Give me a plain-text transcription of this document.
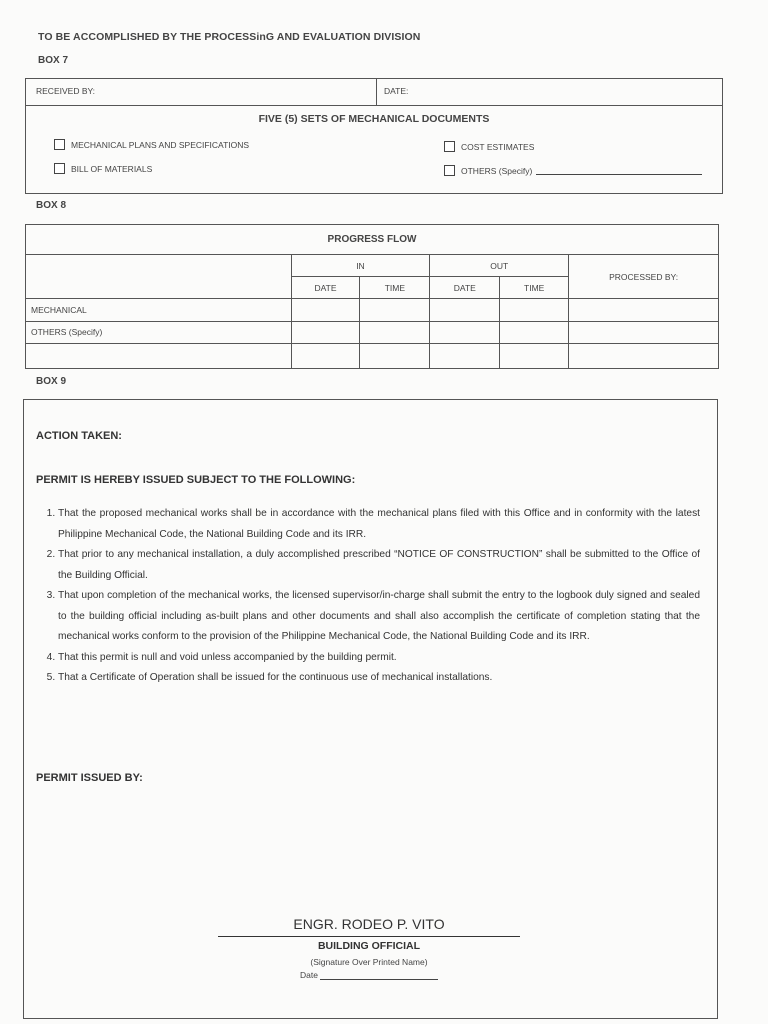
TO BE ACCOMPLISHED BY THE PROCESSinG AND EVALUATION DIVISION
BOX 7
RECEIVED BY:	DATE:
FIVE (5) SETS OF MECHANICAL DOCUMENTS
MECHANICAL PLANS AND SPECIFICATIONS
BILL OF MATERIALS
COST ESTIMATES
OTHERS (Specify)
BOX 8
PROGRESS FLOW					
	IN		OUT		PROCESSED BY:
	DATE	TIME	DATE	TIME	
MECHANICAL					
OTHERS (Specify)					

BOX 9
ACTION TAKEN:
PERMIT IS HEREBY ISSUED SUBJECT TO THE FOLLOWING:
1. That the proposed mechanical works shall be in accordance with the mechanical plans filed with this Office and in conformity with the latest Philippine Mechanical Code, the National Building Code and its IRR.
2. That prior to any mechanical installation, a duly accomplished prescribed “NOTICE OF CONSTRUCTION” shall be submitted to the Office of the Building Official.
3. That upon completion of the mechanical works, the licensed supervisor/in-charge shall submit the entry to the logbook duly signed and sealed to the building official including as-built plans and other documents and shall also accomplish the certificate of completion stating that the mechanical works conform to the provision of the Philippine Mechanical Code, the National Building Code and its IRR.
4. That this permit is null and void unless accompanied by the building permit.
5. That a Certificate of Operation shall be issued for the continuous use of mechanical installations.
PERMIT ISSUED BY:
ENGR. RODEO P. VITO
BUILDING OFFICIAL
(Signature Over Printed Name)
Date
